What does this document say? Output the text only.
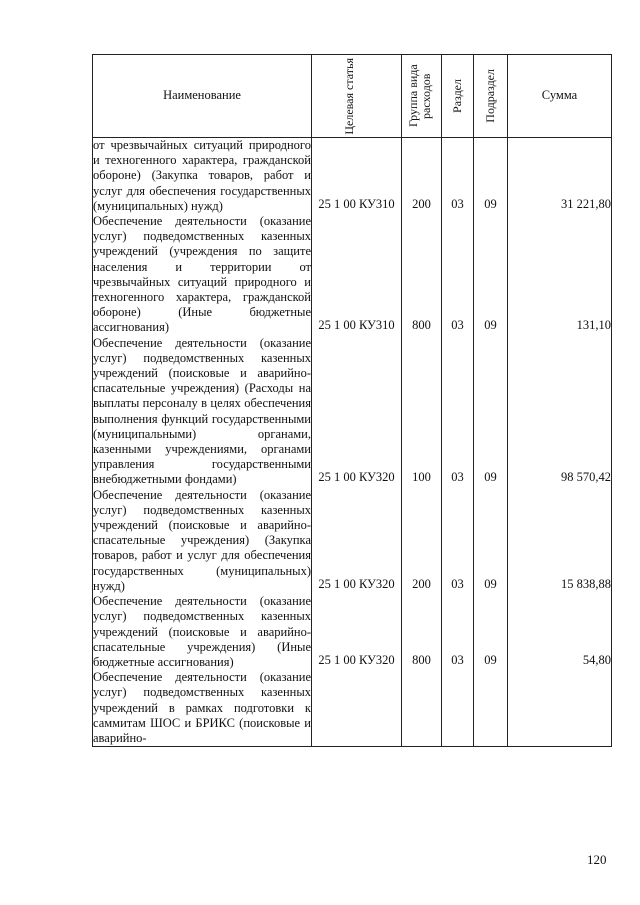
Наименование	Целевая статья	Группа вида расходов	Раздел	Подраздел	Сумма
от чрезвычайных ситуаций природного и техногенного характера, гражданской обороне) (Закупка товаров, работ и услуг для обеспечения государственных (муниципальных) нужд)	25 1 00 КУ310	200	03	09	31 221,80

Обеспечение деятельности (оказание услуг) подведомственных казенных учреждений (учреждения по защите населения и территории от чрезвычайных ситуаций природного и техногенного характера, гражданской обороне) (Иные бюджетные ассигнования)	25 1 00 КУ310	800	03	09	131,10

Обеспечение деятельности (оказание услуг) подведомственных казенных учреждений (поисковые и аварийно-спасательные учреждения) (Расходы на выплаты персоналу в целях обеспечения выполнения функций государственными (муниципальными) органами, казенными учреждениями, органами управления государственными внебюджетными фондами)	25 1 00 КУ320	100	03	09	98 570,42

Обеспечение деятельности (оказание услуг) подведомственных казенных учреждений (поисковые и аварийно-спасательные учреждения) (Закупка товаров, работ и услуг для обеспечения государственных (муниципальных) нужд)	25 1 00 КУ320	200	03	09	15 838,88

Обеспечение деятельности (оказание услуг) подведомственных казенных учреждений (поисковые и аварийно-спасательные учреждения) (Иные бюджетные ассигнования)	25 1 00 КУ320	800	03	09	54,80

Обеспечение деятельности (оказание услуг) подведомственных казенных учреждений в рамках подготовки к саммитам ШОС и БРИКС (поисковые и аварийно-	

120
